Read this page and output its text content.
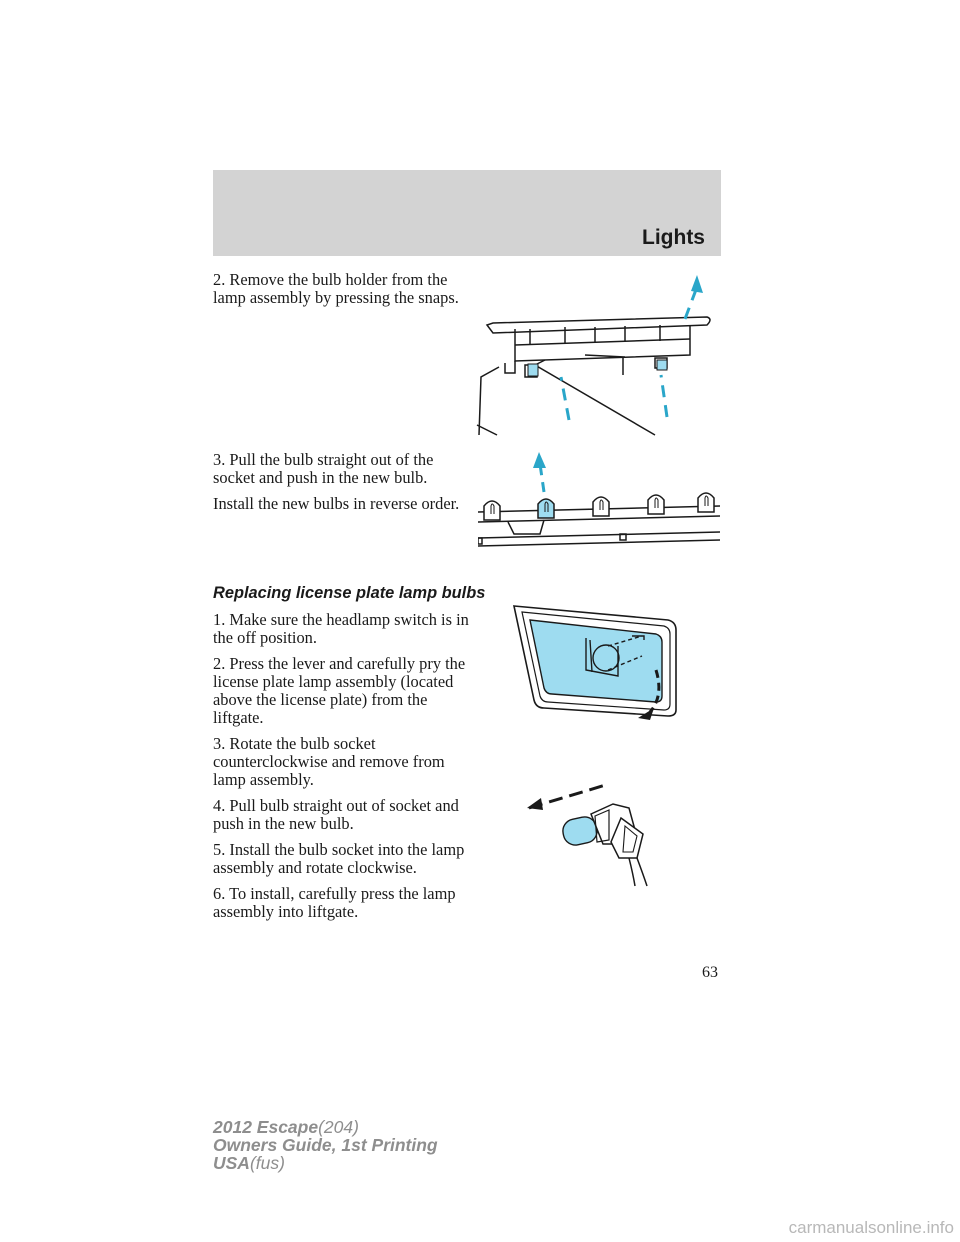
Lights

2. Remove the bulb holder from the lamp assembly by pressing the snaps.

3. Pull the bulb straight out of the socket and push in the new bulb.

Install the new bulbs in reverse order.

Replacing license plate lamp bulbs

1. Make sure the headlamp switch is in the off position.

2. Press the lever and carefully pry the license plate lamp assembly (located above the license plate) from the liftgate.

3. Rotate the bulb socket counterclockwise and remove from lamp assembly.

4. Pull bulb straight out of socket and push in the new bulb.

5. Install the bulb socket into the lamp assembly and rotate clockwise.

6. To install, carefully press the lamp assembly into liftgate.

63
2012 Escape(204)
Owners Guide, 1st Printing
USA(fus)
carmanualsonline.info
